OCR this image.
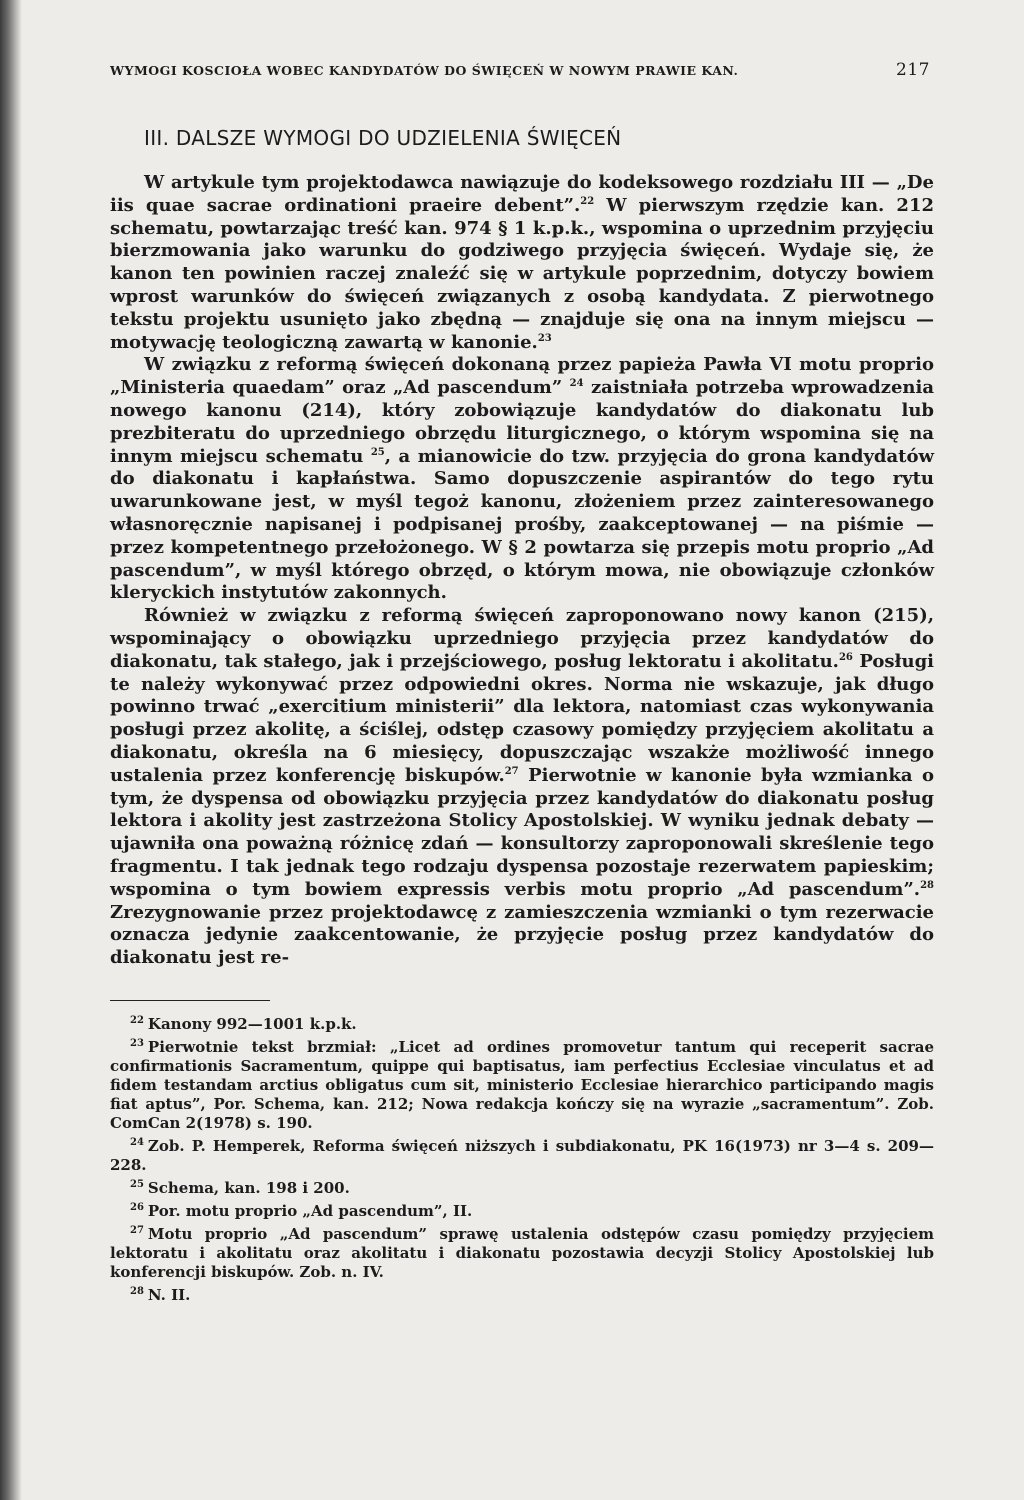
WYMOGI KOSCIOŁA WOBEC KANDYDATÓW DO ŚWIĘCEŃ W NOWYM PRAWIE KAN.	217
III. DALSZE WYMOGI DO UDZIELENIA ŚWIĘCEŃ

W artykule tym projektodawca nawiązuje do kodeksowego rozdziału III — „De iis quae sacrae ordinationi praeire debent”.$^{22}$ W pierwszym rzędzie kan. 212 schematu, powtarzając treść kan. 974 § 1 k.p.k., wspomina o uprzednim przyjęciu bierzmowania jako warunku do godziwego przyjęcia święceń. Wydaje się, że kanon ten powinien raczej znaleźć się w artykule poprzednim, dotyczy bowiem wprost warunków do święceń związanych z osobą kandydata. Z pierwotnego tekstu projektu usunięto jako zbędną — znajduje się ona na innym miejscu — motywację teologiczną zawartą w kanonie.$^{23}$

W związku z reformą święceń dokonaną przez papieża Pawła VI motu proprio „Ministeria quaedam” oraz „Ad pascendum” $^{24}$ zaistniała potrzeba wprowadzenia nowego kanonu (214), który zobowiązuje kandydatów do diakonatu lub prezbiteratu do uprzedniego obrzędu liturgicznego, o którym wspomina się na innym miejscu schematu $^{25}$, a mianowicie do tzw. przyjęcia do grona kandydatów do diakonatu i kapłaństwa. Samo dopuszczenie aspirantów do tego rytu uwarunkowane jest, w myśl tegoż kanonu, złożeniem przez zainteresowanego własnoręcznie napisanej i podpisanej prośby, zaakceptowanej — na piśmie — przez kompetentnego przełożonego. W § 2 powtarza się przepis motu proprio „Ad pascendum”, w myśl którego obrzęd, o którym mowa, nie obowiązuje członków kleryckich instytutów zakonnych.

Również w związku z reformą święceń zaproponowano nowy kanon (215), wspominający o obowiązku uprzedniego przyjęcia przez kandydatów do diakonatu, tak stałego, jak i przejściowego, posług lektoratu i akolitatu.$^{26}$ Posługi te należy wykonywać przez odpowiedni okres. Norma nie wskazuje, jak długo powinno trwać „exercitium ministerii” dla lektora, natomiast czas wykonywania posługi przez akolitę, a ściślej, odstęp czasowy pomiędzy przyjęciem akolitatu a diakonatu, określa na 6 miesięcy, dopuszczając wszakże możliwość innego ustalenia przez konferencję biskupów.$^{27}$ Pierwotnie w kanonie była wzmianka o tym, że dyspensa od obowiązku przyjęcia przez kandydatów do diakonatu posług lektora i akolity jest zastrzeżona Stolicy Apostolskiej. W wyniku jednak debaty — ujawniła ona poważną różnicę zdań — konsultorzy zaproponowali skreślenie tego fragmentu. I tak jednak tego rodzaju dyspensa pozostaje rezerwatem papieskim; wspomina o tym bowiem expressis verbis motu proprio „Ad pascendum”.$^{28}$ Zrezygnowanie przez projektodawcę z zamieszczenia wzmianki o tym rezerwacie oznacza jedynie zaakcentowanie, że przyjęcie posług przez kandydatów do diakonatu jest re-

$^{22}$ Kanony 992—1001 k.p.k.
$^{23}$ Pierwotnie tekst brzmiał: „Licet ad ordines promovetur tantum qui receperit sacrae confirmationis Sacramentum, quippe qui baptisatus, iam perfectius Ecclesiae vinculatus et ad fidem testandam arctius obligatus cum sit, ministerio Ecclesiae hierarchico participando magis fiat aptus”, Por. Schema, kan. 212; Nowa redakcja kończy się na wyrazie „sacramentum”. Zob. ComCan 2(1978) s. 190.
$^{24}$ Zob. P. Hemperek, Reforma święceń niższych i subdiakonatu, PK 16(1973) nr 3—4 s. 209—228.
$^{25}$ Schema, kan. 198 i 200.
$^{26}$ Por. motu proprio „Ad pascendum”, II.
$^{27}$ Motu proprio „Ad pascendum” sprawę ustalenia odstępów czasu pomiędzy przyjęciem lektoratu i akolitatu oraz akolitatu i diakonatu pozostawia decyzji Stolicy Apostolskiej lub konferencji biskupów. Zob. n. IV.
$^{28}$ N. II.
